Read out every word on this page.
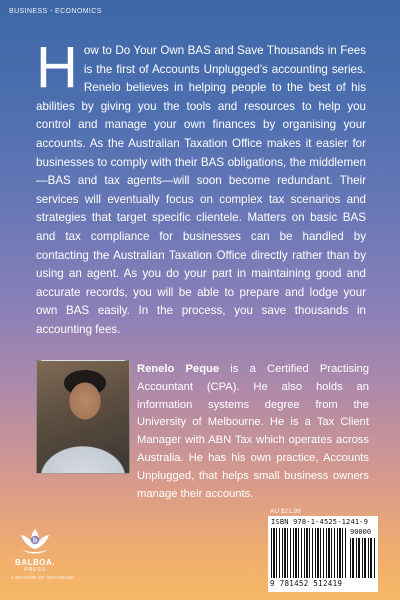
BUSINESS - ECONOMICS
How to Do Your Own BAS and Save Thousands in Fees is the first of Accounts Unplugged’s accounting series. Renelo believes in helping people to the best of his abilities by giving you the tools and resources to help you control and manage your own finances by organising your accounts. As the Australian Taxation Office makes it easier for businesses to comply with their BAS obligations, the middlemen—BAS and tax agents—will soon become redundant. Their services will eventually focus on complex tax scenarios and strategies that target specific clientele. Matters on basic BAS and tax compliance for businesses can be handled by contacting the Australian Taxation Office directly rather than by using an agent. As you do your part in maintaining good and accurate records, you will be able to prepare and lodge your own BAS easily. In the process, you save thousands in accounting fees.
Renelo Peque is a Certified Practising Accountant (CPA). He also holds an information systems degree from the University of Melbourne. He is a Tax Client Manager with ABN Tax which operates across Australia. He has his own practice, Accounts Unplugged, that helps small business owners manage their accounts.
b
BALBOA.
PRESS
A DIVISION OF HAY HOUSE
AU $21.99
ISBN 978-1-4525-1241-9
90000
9 781452 512419
